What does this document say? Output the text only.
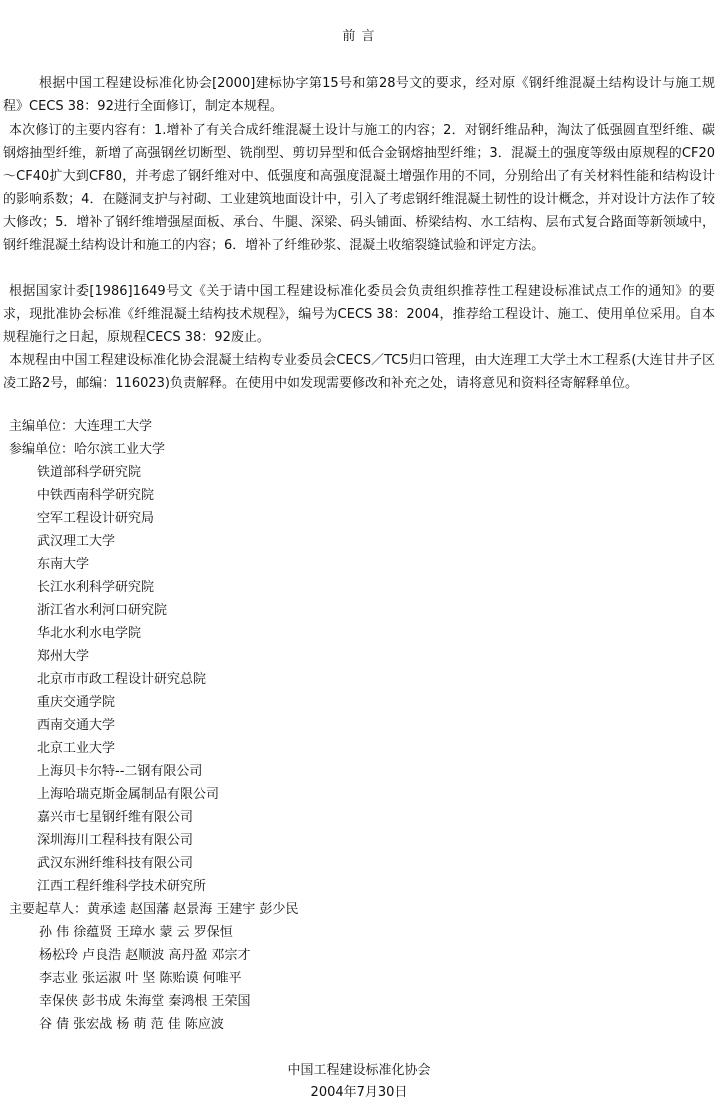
前 言

根据中国工程建设标准化协会[2000]建标协字第15号和第28号文的要求，经对原《钢纤维混凝土结构设计与施工规程》CECS 38：92进行全面修订，制定本规程。

本次修订的主要内容有：1.增补了有关合成纤维混凝土设计与施工的内容；2．对钢纤维品种，淘汰了低强圆直型纤维、碳钢熔抽型纤维，新增了高强钢丝切断型、铣削型、剪切异型和低合金钢熔抽型纤维；3．混凝土的强度等级由原规程的CF20～CF40扩大到CF80，并考虑了钢纤维对中、低强度和高强度混凝土增强作用的不同，分别给出了有关材料性能和结构设计的影响系数；4．在隧洞支护与衬砌、工业建筑地面设计中，引入了考虑钢纤维混凝土韧性的设计概念，并对设计方法作了较大修改；5．增补了钢纤维增强屋面板、承台、牛腿、深梁、码头铺面、桥梁结构、水工结构、层布式复合路面等新领域中，钢纤维混凝土结构设计和施工的内容；6．增补了纤维砂浆、混凝土收缩裂缝试验和评定方法。

根据国家计委[1986]1649号文《关于请中国工程建设标准化委员会负责组织推荐性工程建设标准试点工作的通知》的要求，现批准协会标准《纤维混凝土结构技术规程》，编号为CECS 38：2004，推荐给工程设计、施工、使用单位采用。自本规程施行之日起，原规程CECS 38：92废止。

本规程由中国工程建设标准化协会混凝土结构专业委员会CECS／TC5归口管理，由大连理工大学土木工程系(大连甘井子区凌工路2号，邮编：116023)负责解释。在使用中如发现需要修改和补充之处，请将意见和资料径寄解释单位。

主编单位：大连理工大学
参编单位：哈尔滨工业大学
铁道部科学研究院
中铁西南科学研究院
空军工程设计研究局
武汉理工大学
东南大学
长江水利科学研究院
浙江省水利河口研究院
华北水利水电学院
郑州大学
北京市市政工程设计研究总院
重庆交通学院
西南交通大学
北京工业大学
上海贝卡尔特--二钢有限公司
上海哈瑞克斯金属制品有限公司
嘉兴市七星钢纤维有限公司
深圳海川工程科技有限公司
武汉东洲纤维科技有限公司
江西工程纤维科学技术研究所
主要起草人：黄承逵 赵国藩 赵景海 王建宇 彭少民
孙 伟 徐蕴贤 王璋水 蒙 云 罗保恒
杨松玲 卢良浩 赵顺波 高丹盈 邓宗才
李志业 张运淑 叶 坚 陈贻谟 何唯平
幸保侠 彭书成 朱海堂 秦鸿根 王荣国
谷 倩 张宏战 杨 萌 范 佳 陈应波
中国工程建设标准化协会
2004年7月30日
